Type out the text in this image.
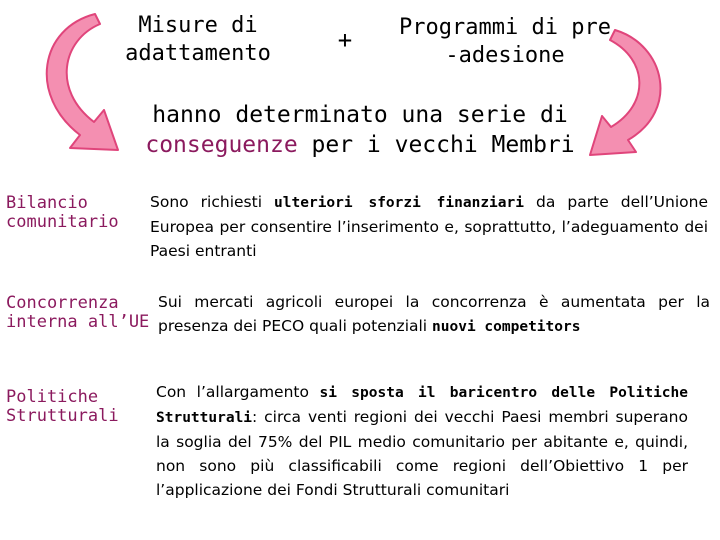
Misure di
adattamento	+	Programmi di pre
-adesione
hanno determinato una serie di
conseguenze per i vecchi Membri
Bilancio
comunitario
Sono richiesti ulteriori sforzi finanziari da parte dell’Unione Europea per consentire l’inserimento e, soprattutto, l’adeguamento dei Paesi entranti
Concorrenza
interna all’UE
Sui mercati agricoli europei la concorrenza è aumentata per la presenza dei PECO quali potenziali nuovi competitors
Politiche
Strutturali
Con l’allargamento si sposta il baricentro delle Politiche Strutturali: circa venti regioni dei vecchi Paesi membri superano la soglia del 75% del PIL medio comunitario per abitante e, quindi, non sono più classificabili come regioni dell’Obiettivo 1 per l’applicazione dei Fondi Strutturali comunitari
